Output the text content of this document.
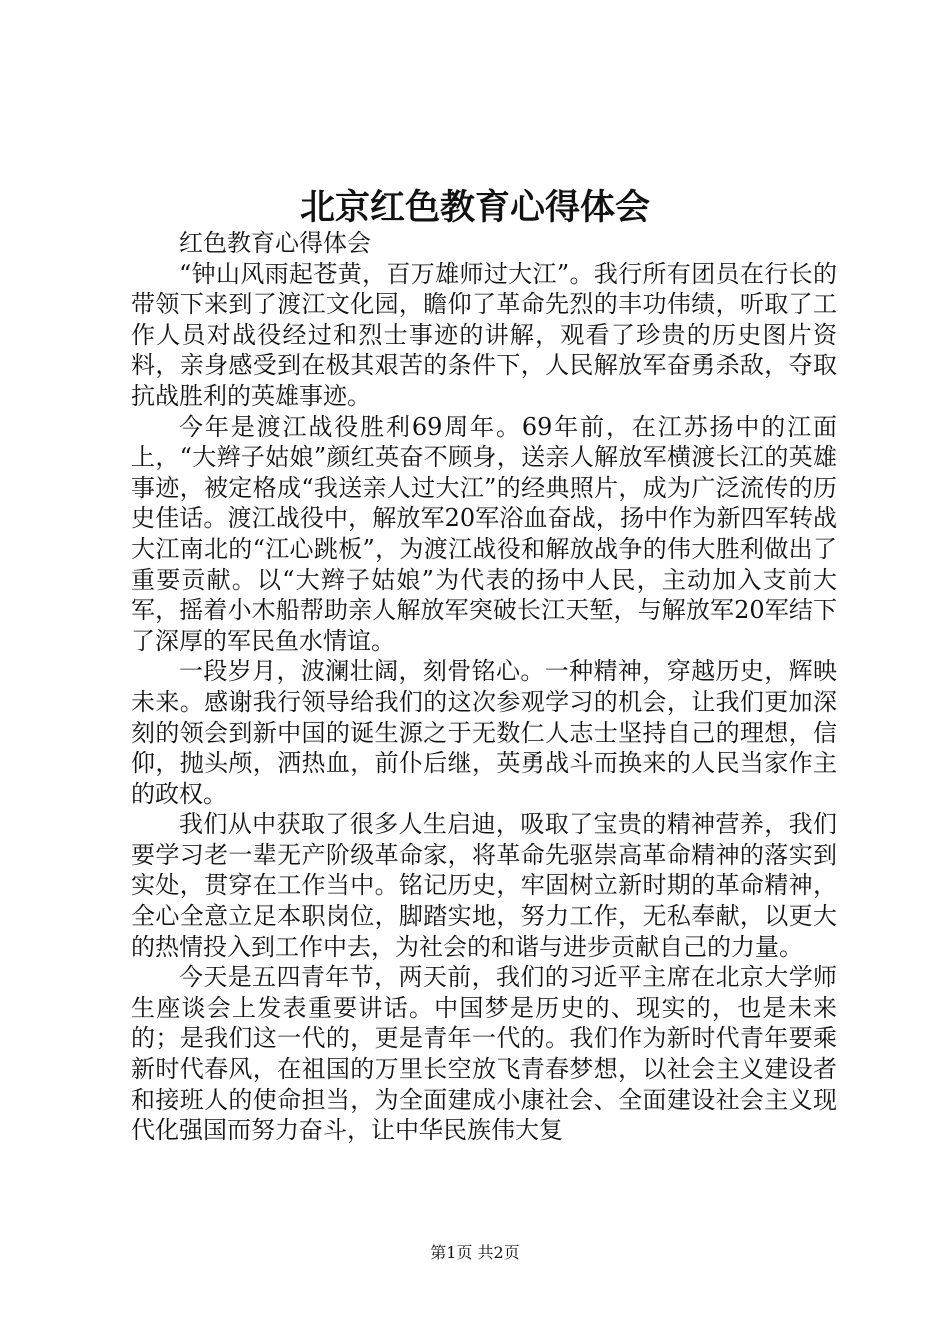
北京红色教育心得体会

红色教育心得体会

“钟山风雨起苍黄，百万雄师过大江”。我行所有团员在行长的带领下来到了渡江文化园，瞻仰了革命先烈的丰功伟绩，听取了工作人员对战役经过和烈士事迹的讲解，观看了珍贵的历史图片资料，亲身感受到在极其艰苦的条件下，人民解放军奋勇杀敌，夺取抗战胜利的英雄事迹。

今年是渡江战役胜利69周年。69年前，在江苏扬中的江面上，“大辫子姑娘”颜红英奋不顾身，送亲人解放军横渡长江的英雄事迹，被定格成“我送亲人过大江”的经典照片，成为广泛流传的历史佳话。渡江战役中，解放军20军浴血奋战，扬中作为新四军转战大江南北的“江心跳板”，为渡江战役和解放战争的伟大胜利做出了重要贡献。以“大辫子姑娘”为代表的扬中人民，主动加入支前大军，摇着小木船帮助亲人解放军突破长江天堑，与解放军20军结下了深厚的军民鱼水情谊。

一段岁月，波澜壮阔，刻骨铭心。一种精神，穿越历史，辉映未来。感谢我行领导给我们的这次参观学习的机会，让我们更加深刻的领会到新中国的诞生源之于无数仁人志士坚持自己的理想，信仰，抛头颅，洒热血，前仆后继，英勇战斗而换来的人民当家作主的政权。

我们从中获取了很多人生启迪，吸取了宝贵的精神营养，我们要学习老一辈无产阶级革命家，将革命先驱崇高革命精神的落实到实处，贯穿在工作当中。铭记历史，牢固树立新时期的革命精神，全心全意立足本职岗位，脚踏实地，努力工作，无私奉献，以更大的热情投入到工作中去，为社会的和谐与进步贡献自己的力量。

今天是五四青年节，两天前，我们的习近平主席在北京大学师生座谈会上发表重要讲话。中国梦是历史的、现实的，也是未来的；是我们这一代的，更是青年一代的。我们作为新时代青年要乘新时代春风，在祖国的万里长空放飞青春梦想，以社会主义建设者和接班人的使命担当，为全面建成小康社会、全面建设社会主义现代化强国而努力奋斗，让中华民族伟大复

第1页 共2页
